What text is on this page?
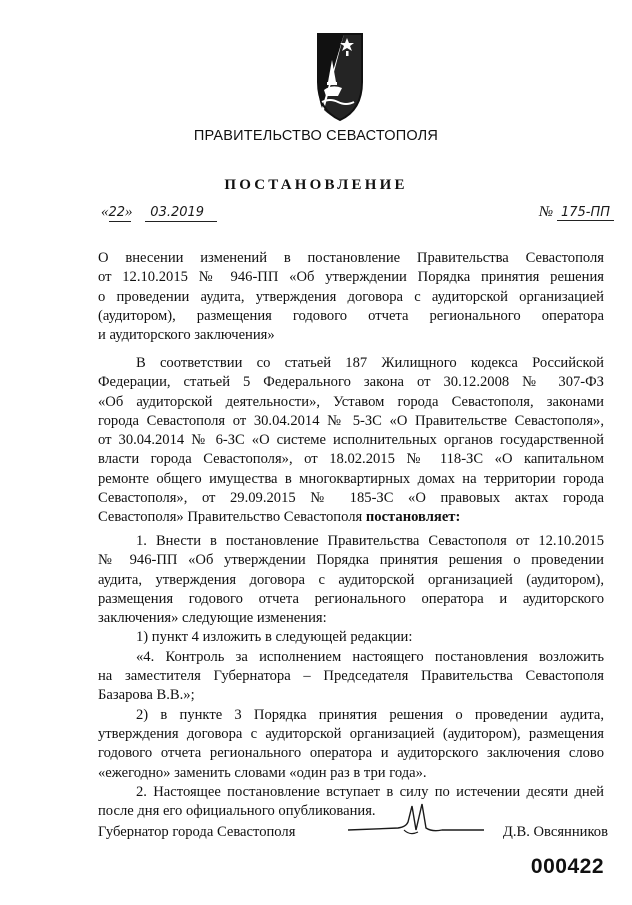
ПРАВИТЕЛЬСТВО СЕВАСТОПОЛЯ
ПОСТАНОВЛЕНИЕ
«22» 03.2019	№ 175-ПП
О внесении изменений в постановление Правительства Севастополя
от 12.10.2015 № 946-ПП «Об утверждении Порядка принятия решения
о проведении аудита, утверждения договора с аудиторской организацией
(аудитором), размещения годового отчета регионального оператора
и аудиторского заключения»
В соответствии со статьей 187 Жилищного кодекса Российской
Федерации, статьей 5 Федерального закона от 30.12.2008 № 307-ФЗ
«Об аудиторской деятельности», Уставом города Севастополя, законами
города Севастополя от 30.04.2014 № 5-ЗС «О Правительстве Севастополя»,
от 30.04.2014 № 6-ЗС «О системе исполнительных органов государственной
власти города Севастополя», от 18.02.2015 № 118-ЗС «О капитальном
ремонте общего имущества в многоквартирных домах на территории города
Севастополя», от 29.09.2015 № 185-ЗС «О правовых актах города
Севастополя» Правительство Севастополя постановляет:
1. Внести в постановление Правительства Севастополя от 12.10.2015
№ 946-ПП «Об утверждении Порядка принятия решения о проведении
аудита, утверждения договора с аудиторской организацией (аудитором),
размещения годового отчета регионального оператора и аудиторского
заключения» следующие изменения:
1) пункт 4 изложить в следующей редакции:
«4. Контроль за исполнением настоящего постановления возложить
на заместителя Губернатора – Председателя Правительства Севастополя
Базарова В.В.»;
2) в пункте 3 Порядка принятия решения о проведении аудита,
утверждения договора с аудиторской организацией (аудитором), размещения
годового отчета регионального оператора и аудиторского заключения слово
«ежегодно» заменить словами «один раз в три года».
2. Настоящее постановление вступает в силу по истечении десяти дней
после дня его официального опубликования.
Губернатор города Севастополя	Д.В. Овсянников
000422
